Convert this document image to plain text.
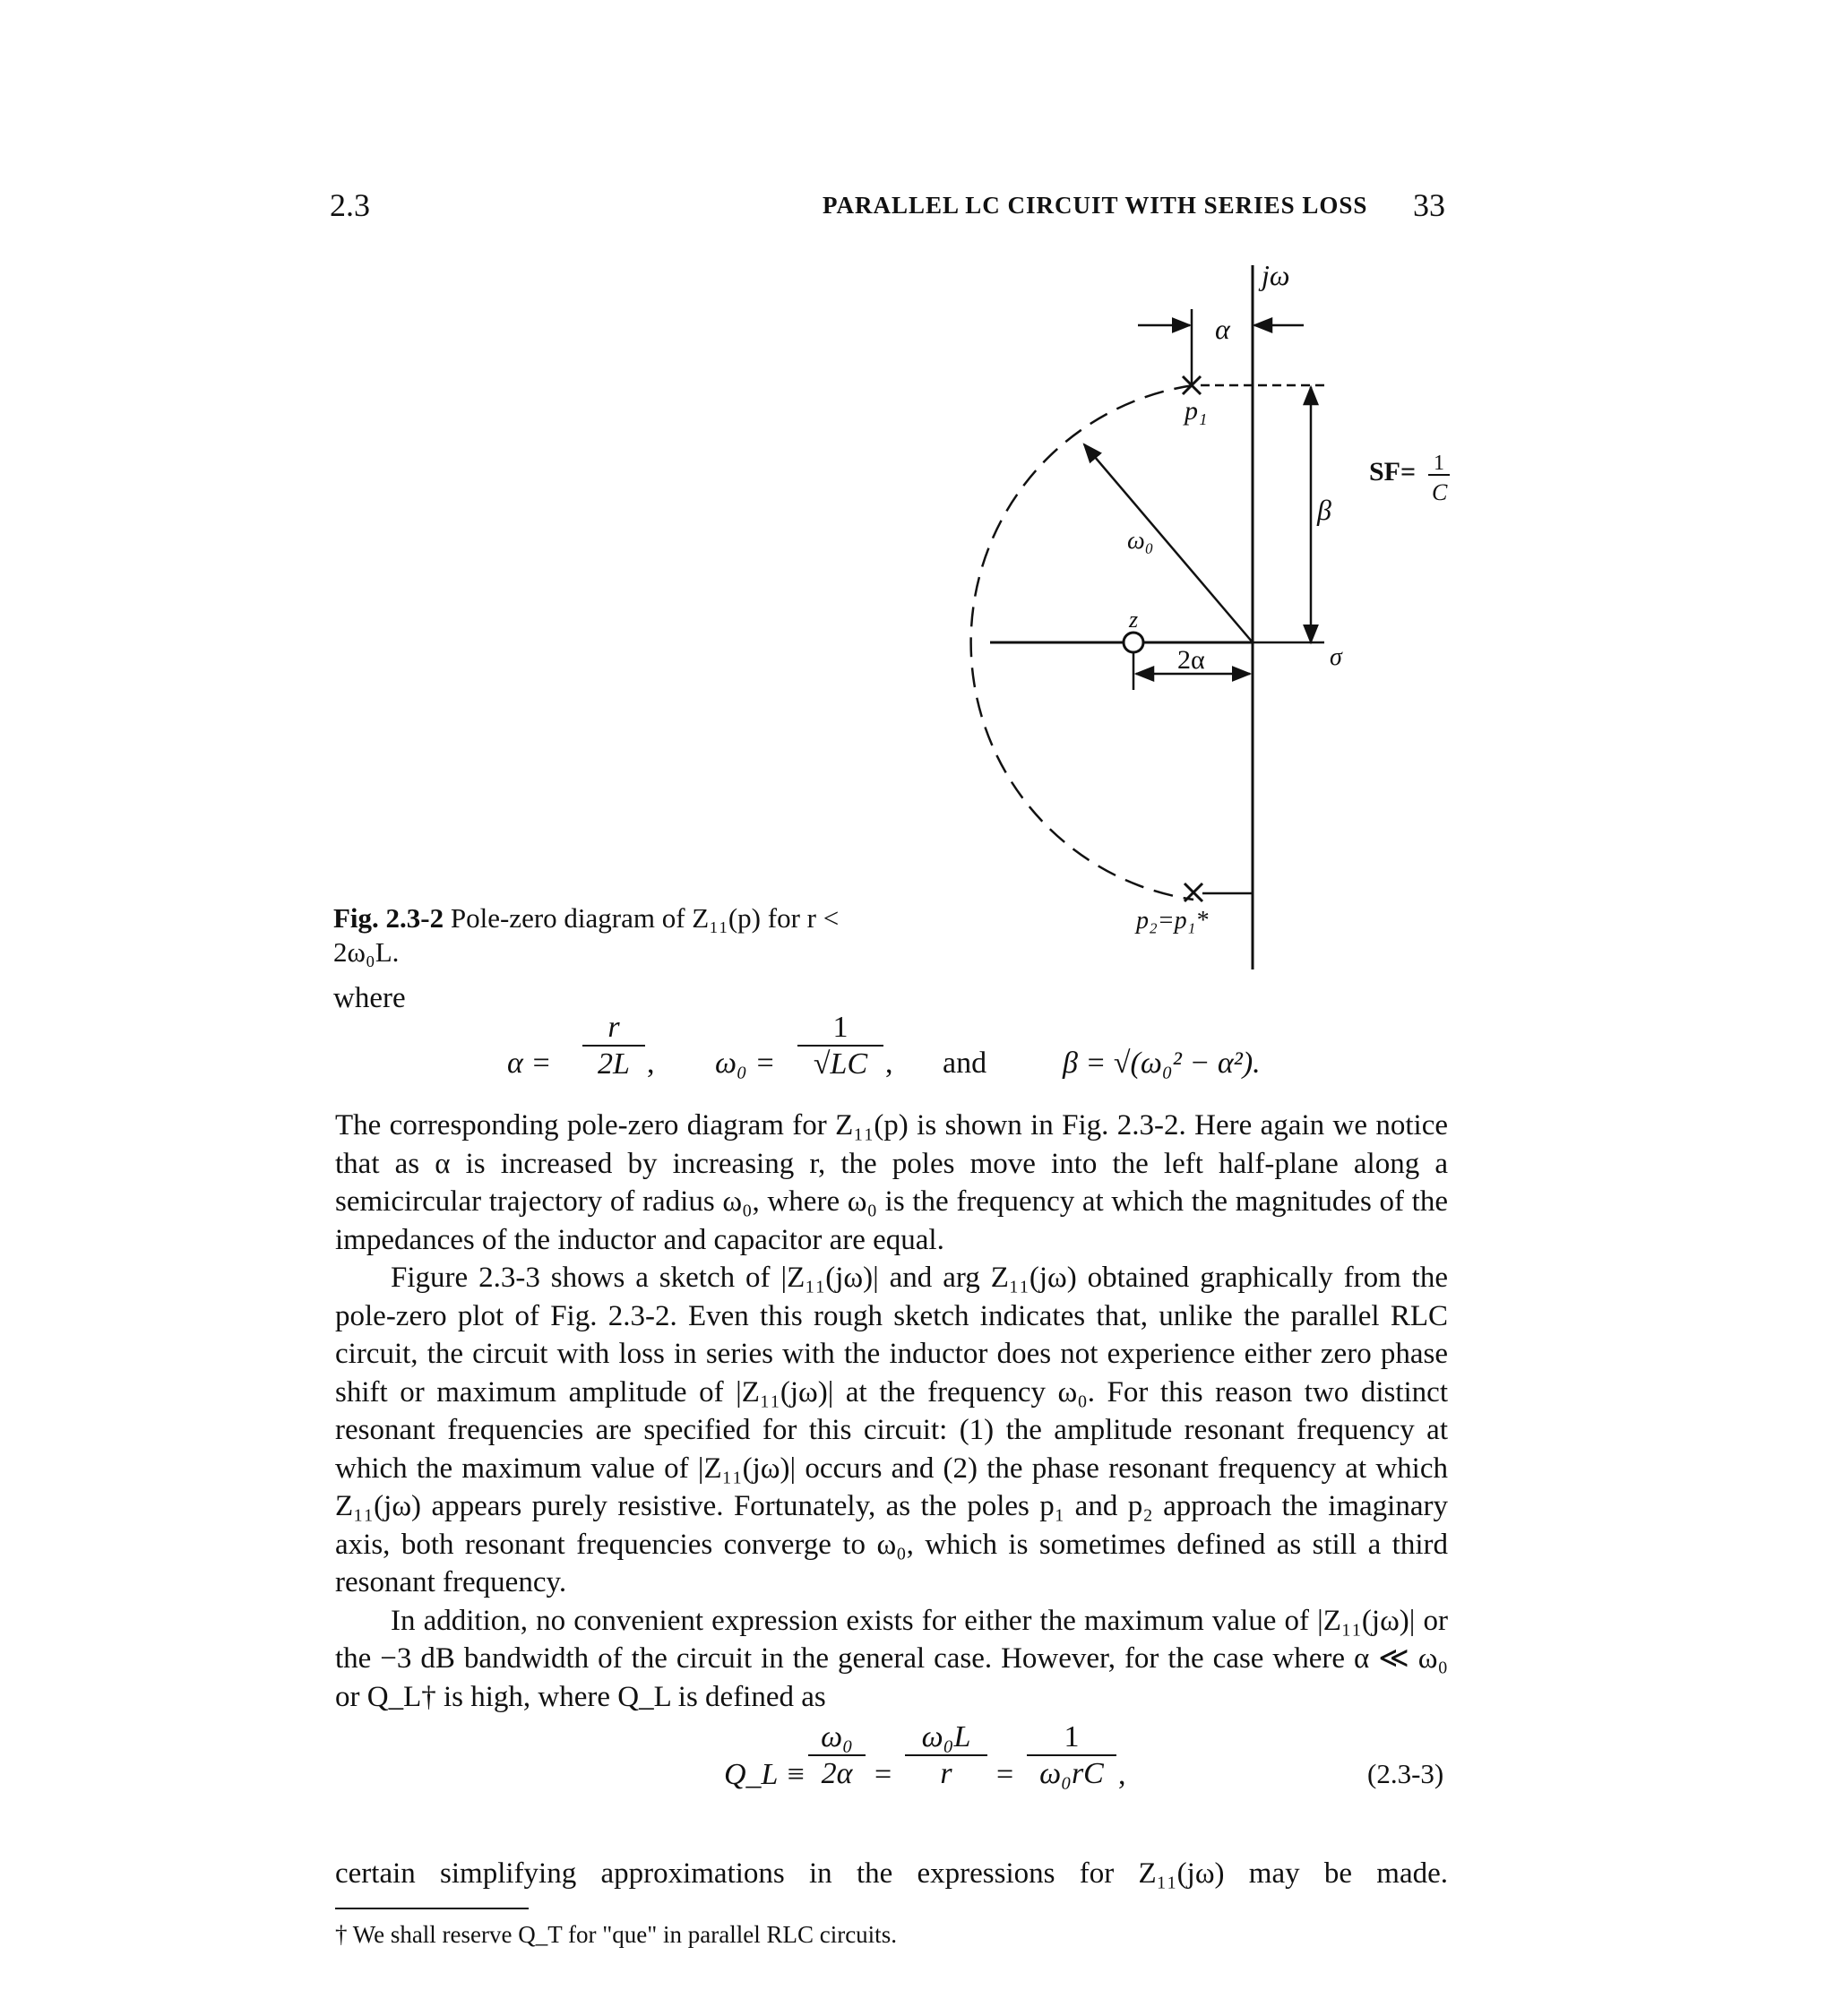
2.3	PARALLEL LC CIRCUIT WITH SERIES LOSS 33
jω
α
p₁
β
ω₀
z
2α	σ
p₂=p₁*
SF= 1
C
Fig. 2.3-2 Pole-zero diagram of Z₁₁(p) for r < 2ω₀L.
where
$\alpha = \frac{r}{2L}$ , $\omega_0 = \frac{1}{√LC}$ , and β = √(ω₀² − α²).

The corresponding pole-zero diagram for Z₁₁(p) is shown in Fig. 2.3-2. Here again we notice that as α is increased by increasing r, the poles move into the left half-plane along a semicircular trajectory of radius ω₀, where ω₀ is the frequency at which the magnitudes of the impedances of the inductor and capacitor are equal.

Figure 2.3-3 shows a sketch of |Z₁₁(jω)| and arg Z₁₁(jω) obtained graphically from the pole-zero plot of Fig. 2.3-2. Even this rough sketch indicates that, unlike the parallel RLC circuit, the circuit with loss in series with the inductor does not experience either zero phase shift or maximum amplitude of |Z₁₁(jω)| at the frequency ω₀. For this reason two distinct resonant frequencies are specified for this circuit: (1) the amplitude resonant frequency at which the maximum value of |Z₁₁(jω)| occurs and (2) the phase resonant frequency at which Z₁₁(jω) appears purely resistive. Fortunately, as the poles p₁ and p₂ approach the imaginary axis, both resonant frequencies converge to ω₀, which is sometimes defined as still a third resonant frequency.

In addition, no convenient expression exists for either the maximum value of |Z₁₁(jω)| or the −3 dB bandwidth of the circuit in the general case. However, for the case where α ≪ ω₀ or Q_L† is high, where Q_L is defined as

Q_L ≡ $\frac{\text{ω₀}}{2\alpha} = \frac{\text{ω₀L}}{r} = \frac{1}{\text{ω₀rC}}$ ,	(2.3-3)
certain simplifying approximations in the expressions for Z₁₁(jω) may be made.
† We shall reserve Q_T for "que" in parallel RLC circuits.
